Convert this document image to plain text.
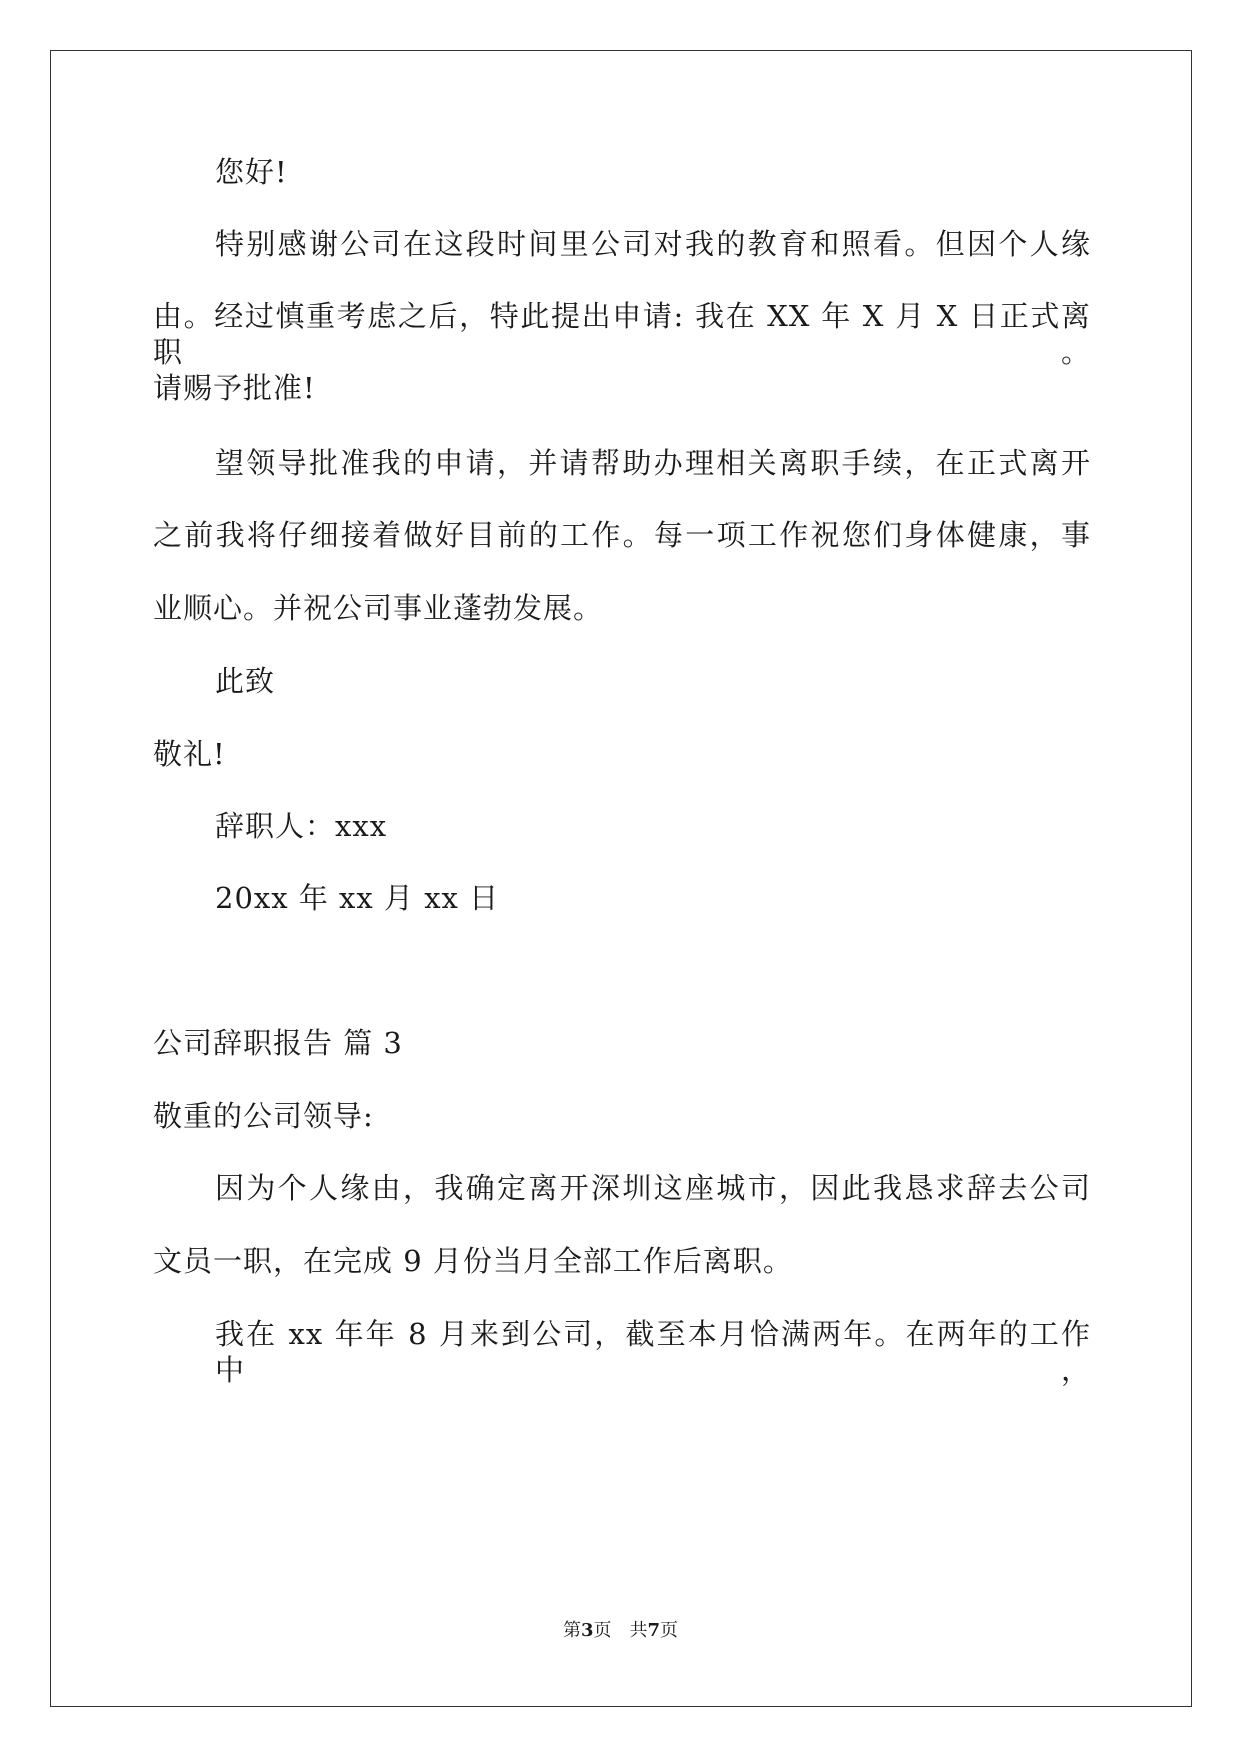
您好!
特别感谢公司在这段时间里公司对我的教育和照看。但因个人缘
由。经过慎重考虑之后，特此提出申请: 我在 XX 年 X 月 X 日正式离职。
请赐予批准!
望领导批准我的申请，并请帮助办理相关离职手续，在正式离开
之前我将仔细接着做好目前的工作。每一项工作祝您们身体健康，事
业顺心。并祝公司事业蓬勃发展。
此致
敬礼!
辞职人：xxx
20xx 年 xx 月 xx 日
公司辞职报告 篇 3
敬重的公司领导:
因为个人缘由，我确定离开深圳这座城市，因此我恳求辞去公司
文员一职，在完成 9 月份当月全部工作后离职。
我在 xx 年年 8 月来到公司，截至本月恰满两年。在两年的工作中，
第3页 共7页
